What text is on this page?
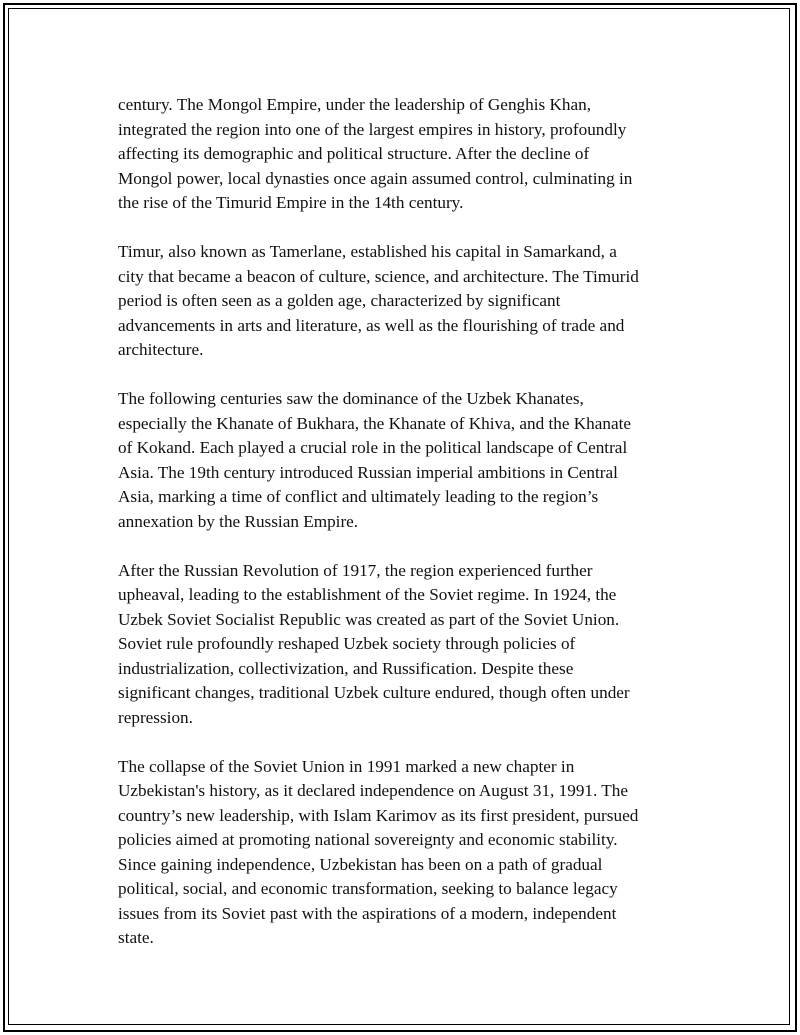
century. The Mongol Empire, under the leadership of Genghis Khan,
integrated the region into one of the largest empires in history, profoundly
affecting its demographic and political structure. After the decline of
Mongol power, local dynasties once again assumed control, culminating in
the rise of the Timurid Empire in the 14th century.

Timur, also known as Tamerlane, established his capital in Samarkand, a
city that became a beacon of culture, science, and architecture. The Timurid
period is often seen as a golden age, characterized by significant
advancements in arts and literature, as well as the flourishing of trade and
architecture.

The following centuries saw the dominance of the Uzbek Khanates,
especially the Khanate of Bukhara, the Khanate of Khiva, and the Khanate
of Kokand. Each played a crucial role in the political landscape of Central
Asia. The 19th century introduced Russian imperial ambitions in Central
Asia, marking a time of conflict and ultimately leading to the region’s
annexation by the Russian Empire.

After the Russian Revolution of 1917, the region experienced further
upheaval, leading to the establishment of the Soviet regime. In 1924, the
Uzbek Soviet Socialist Republic was created as part of the Soviet Union.
Soviet rule profoundly reshaped Uzbek society through policies of
industrialization, collectivization, and Russification. Despite these
significant changes, traditional Uzbek culture endured, though often under
repression.

The collapse of the Soviet Union in 1991 marked a new chapter in
Uzbekistan's history, as it declared independence on August 31, 1991. The
country’s new leadership, with Islam Karimov as its first president, pursued
policies aimed at promoting national sovereignty and economic stability.
Since gaining independence, Uzbekistan has been on a path of gradual
political, social, and economic transformation, seeking to balance legacy
issues from its Soviet past with the aspirations of a modern, independent
state.
